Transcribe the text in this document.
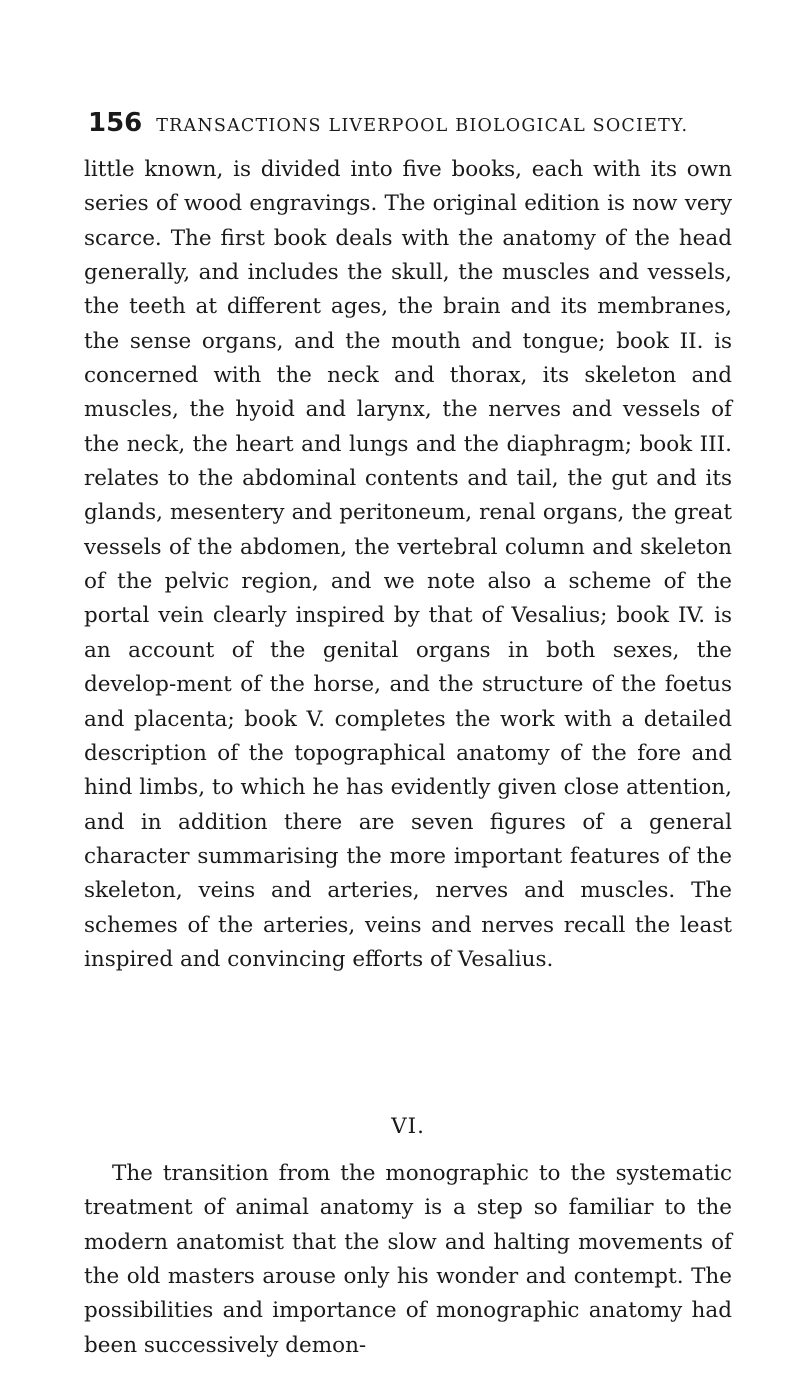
156 TRANSACTIONS LIVERPOOL BIOLOGICAL SOCIETY.

little known, is divided into five books, each with its own series of wood engravings. The original edition is now very scarce. The first book deals with the anatomy of the head generally, and includes the skull, the muscles and vessels, the teeth at different ages, the brain and its membranes, the sense organs, and the mouth and tongue; book II. is concerned with the neck and thorax, its skeleton and muscles, the hyoid and larynx, the nerves and vessels of the neck, the heart and lungs and the diaphragm; book III. relates to the abdominal contents and tail, the gut and its glands, mesentery and peritoneum, renal organs, the great vessels of the abdomen, the vertebral column and skeleton of the pelvic region, and we note also a scheme of the portal vein clearly inspired by that of Vesalius; book IV. is an account of the genital organs in both sexes, the develop-ment of the horse, and the structure of the foetus and placenta; book V. completes the work with a detailed description of the topographical anatomy of the fore and hind limbs, to which he has evidently given close attention, and in addition there are seven figures of a general character summarising the more important features of the skeleton, veins and arteries, nerves and muscles. The schemes of the arteries, veins and nerves recall the least inspired and convincing efforts of Vesalius.

VI.

The transition from the monographic to the systematic treatment of animal anatomy is a step so familiar to the modern anatomist that the slow and halting movements of the old masters arouse only his wonder and contempt. The possibilities and importance of monographic anatomy had been successively demon-
